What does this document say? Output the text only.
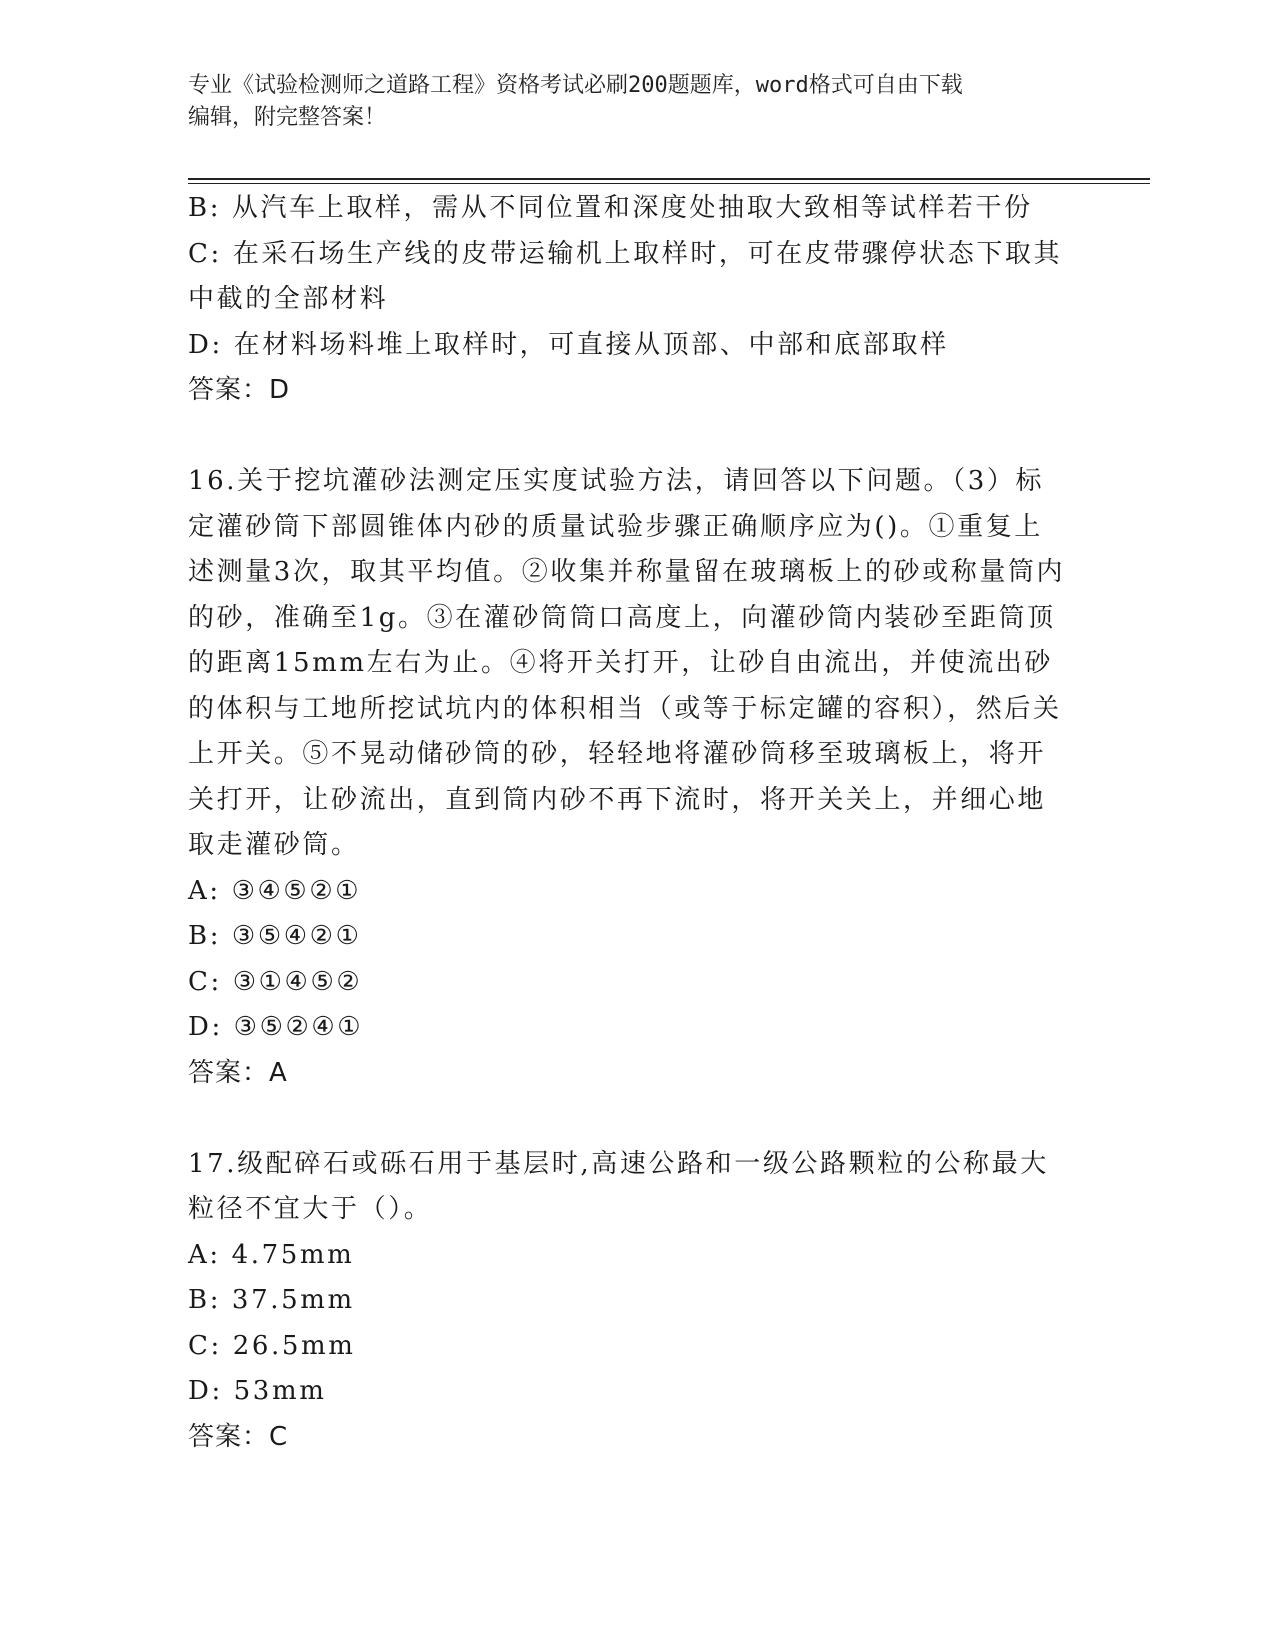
专业《试验检测师之道路工程》资格考试必刷200题题库，word格式可自由下载
编辑，附完整答案！

B: 从汽车上取样，需从不同位置和深度处抽取大致相等试样若干份

C: 在采石场生产线的皮带运输机上取样时，可在皮带骤停状态下取其中截的全部材料

D: 在材料场料堆上取样时，可直接从顶部、中部和底部取样

答案：D

16.关于挖坑灌砂法测定压实度试验方法，请回答以下问题。（3）标定灌砂筒下部圆锥体内砂的质量试验步骤正确顺序应为()。①重复上述测量3次，取其平均值。②收集并称量留在玻璃板上的砂或称量筒内的砂，准确至1g。③在灌砂筒筒口高度上，向灌砂筒内装砂至距筒顶的距离15mm左右为止。④将开关打开，让砂自由流出，并使流出砂的体积与工地所挖试坑内的体积相当（或等于标定罐的容积），然后关上开关。⑤不晃动储砂筒的砂，轻轻地将灌砂筒移至玻璃板上，将开关打开，让砂流出，直到筒内砂不再下流时，将开关关上，并细心地取走灌砂筒。

A: ③④⑤②①

B: ③⑤④②①

C: ③①④⑤②

D: ③⑤②④①

答案：A

17.级配碎石或砾石用于基层时,高速公路和一级公路颗粒的公称最大粒径不宜大于（）。

A: 4.75mm

B: 37.5mm

C: 26.5mm

D: 53mm

答案：C
